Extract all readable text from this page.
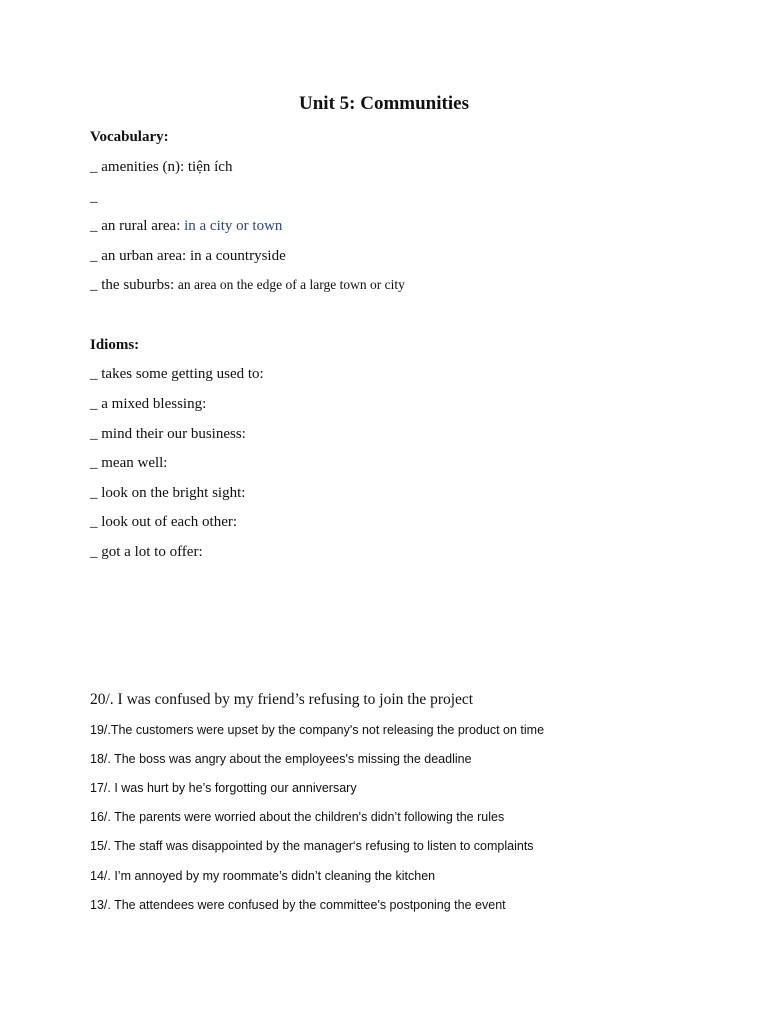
Unit 5: Communities
Vocabulary:
_ amenities (n): tiện ích
_
_ an rural area: in a city or town
_ an urban area: in a countryside
_ the suburbs: an area on the edge of a large town or city
Idioms:
_ takes some getting used to:
_ a mixed blessing:
_ mind their our business:
_ mean well:
_ look on the bright sight:
_ look out of each other:
_ got a lot to offer:
20/. I was confused by my friend’s refusing to join the project
19/.The customers were upset by the company's not releasing the product on time
18/. The boss was angry about the employees's missing the deadline
17/. I was hurt by he’s forgotting our anniversary
16/. The parents were worried about the children's didn’t following the rules
15/. The staff was disappointed by the manager‘s refusing to listen to complaints
14/. I’m annoyed by my roommate’s didn’t cleaning the kitchen
13/. The attendees were confused by the committee's postponing the event
